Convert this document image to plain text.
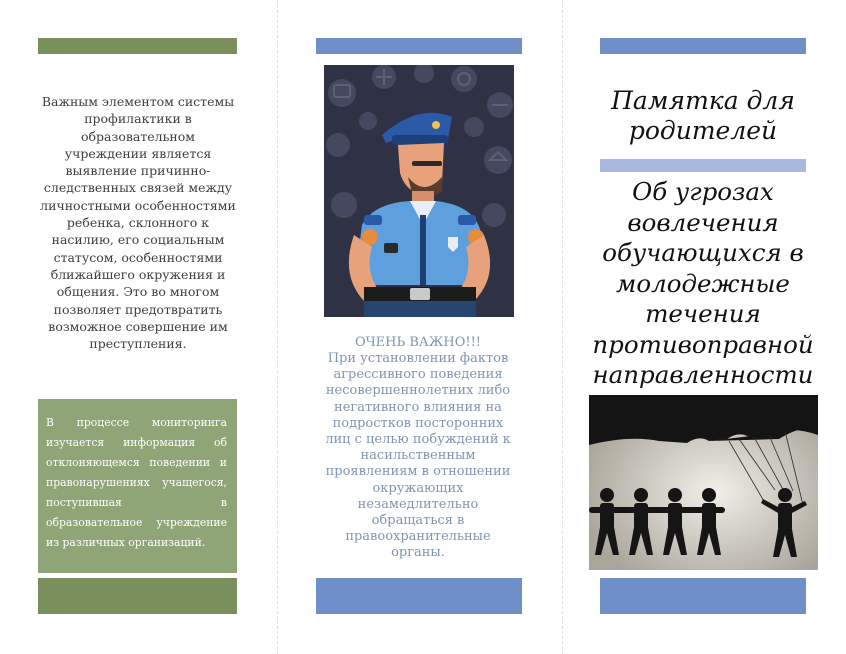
Важным элементом системы профилактики в образовательном учреждении является выявление причинно-следственных связей между личностными особенностями ребенка, склонного к насилию, его социальным статусом, особенностями ближайшего окружения и общения. Это во многом позволяет предотвратить возможное совершение им преступления.

В процессе мониторинга изучается информация об отклоняющемся поведении и правонарушениях учащегося, поступившая в образовательное учреждение из различных организаций.

ОЧЕНЬ ВАЖНО!!!
При установлении фактов агрессивного поведения несовершеннолетних либо негативного влияния на подростков посторонних лиц с целью побуждений к насильственным проявлениям в отношении окружающих незамедлительно обращаться в правоохранительные органы.
Памятка для родителей
Об угрозах вовлечения обучающихся в молодежные течения противоправной направленности
